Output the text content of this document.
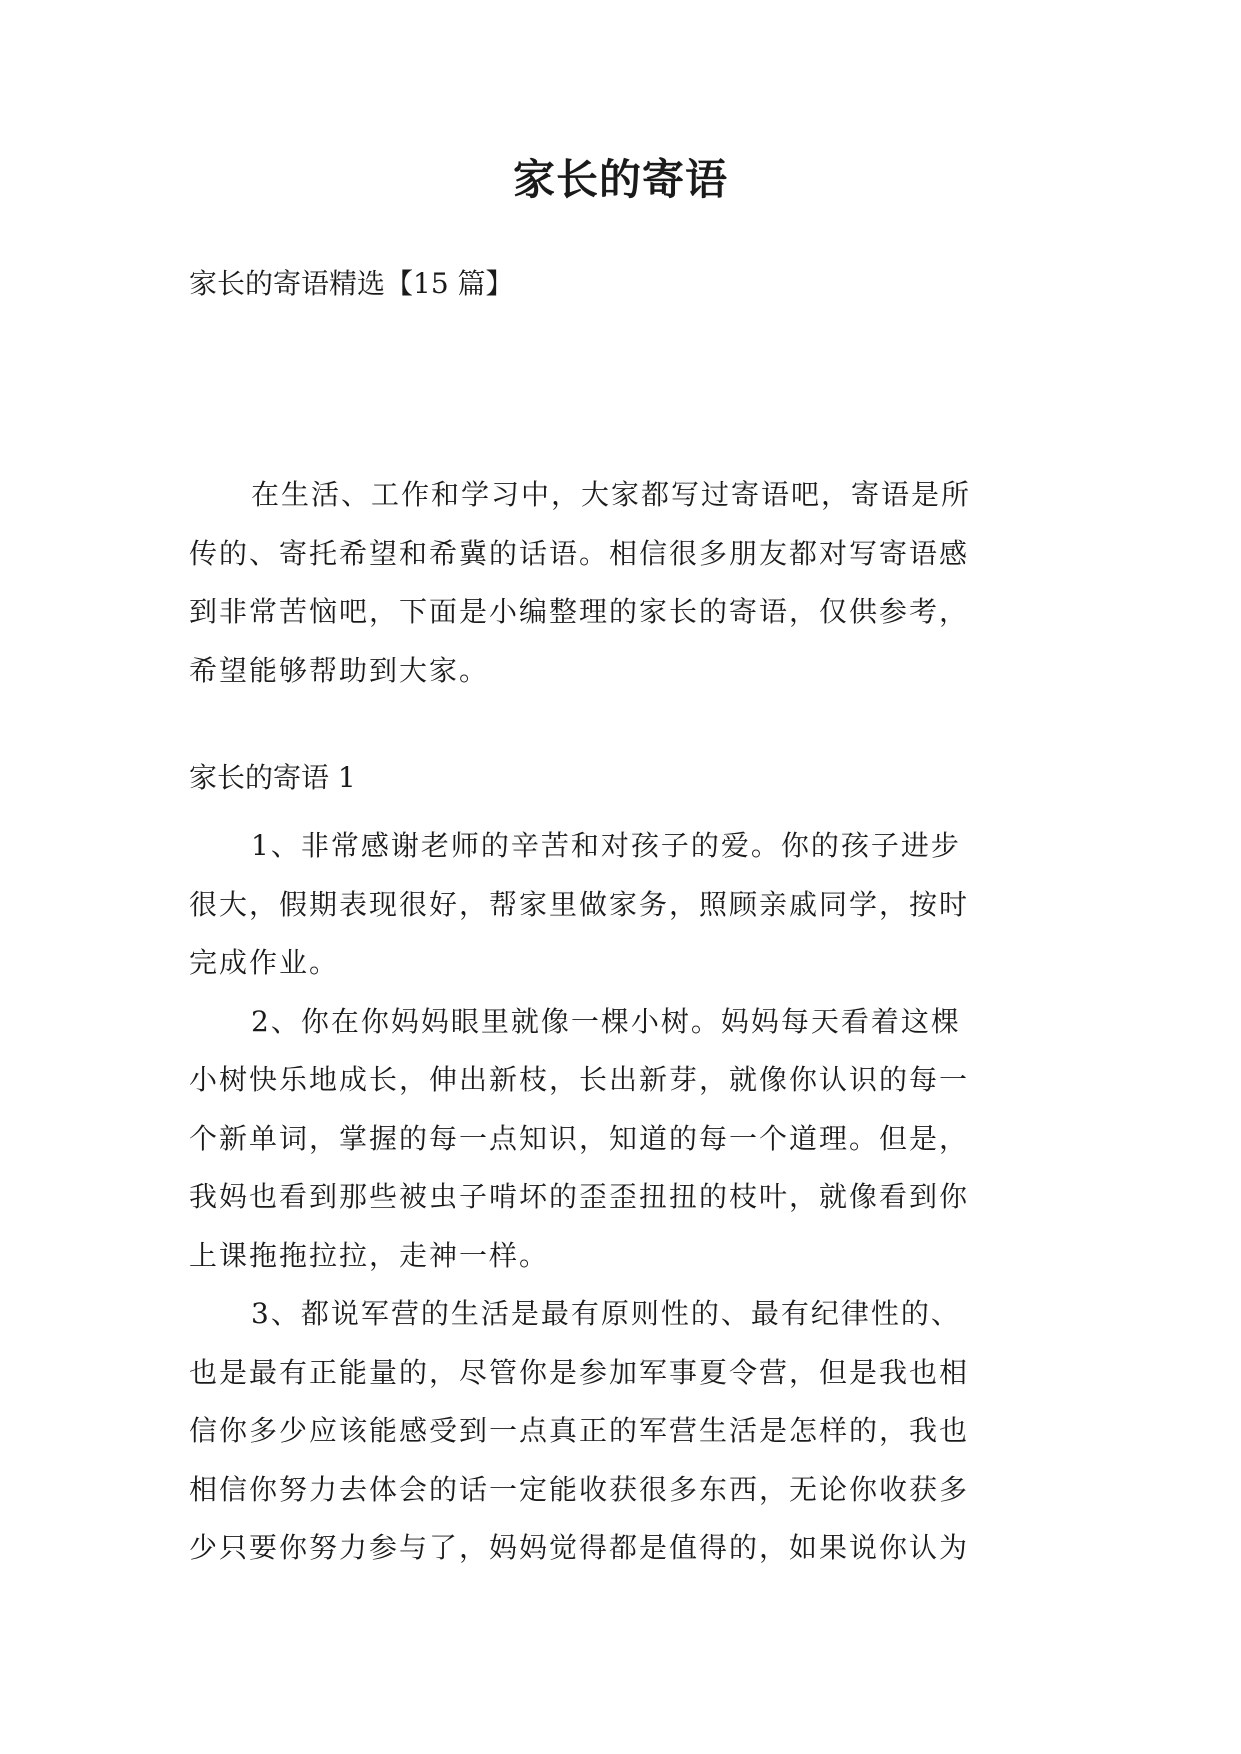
家长的寄语
家长的寄语精选【15 篇】
在生活、工作和学习中，大家都写过寄语吧，寄语是所
传的、寄托希望和希冀的话语。相信很多朋友都对写寄语感
到非常苦恼吧，下面是小编整理的家长的寄语，仅供参考，
希望能够帮助到大家。
家长的寄语 1
1、非常感谢老师的辛苦和对孩子的爱。你的孩子进步
很大，假期表现很好，帮家里做家务，照顾亲戚同学，按时
完成作业。
2、你在你妈妈眼里就像一棵小树。妈妈每天看着这棵
小树快乐地成长，伸出新枝，长出新芽，就像你认识的每一
个新单词，掌握的每一点知识，知道的每一个道理。但是，
我妈也看到那些被虫子啃坏的歪歪扭扭的枝叶，就像看到你
上课拖拖拉拉，走神一样。
3、都说军营的生活是最有原则性的、最有纪律性的、
也是最有正能量的，尽管你是参加军事夏令营，但是我也相
信你多少应该能感受到一点真正的军营生活是怎样的，我也
相信你努力去体会的话一定能收获很多东西，无论你收获多
少只要你努力参与了，妈妈觉得都是值得的，如果说你认为
